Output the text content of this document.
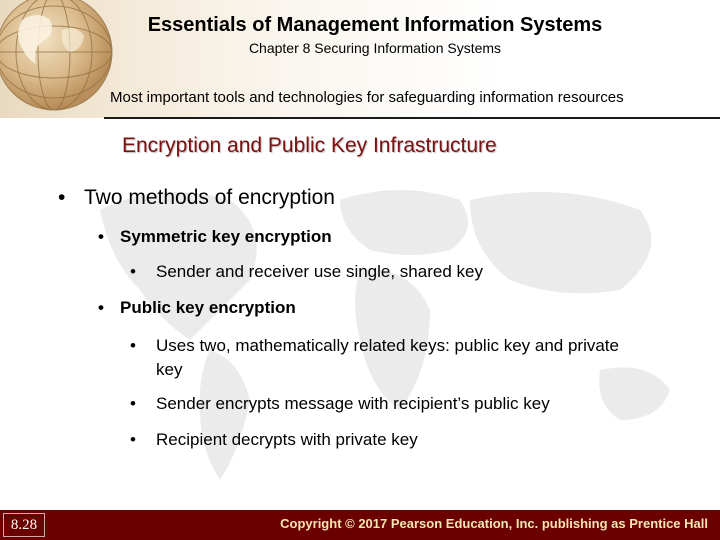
Essentials of Management Information Systems
Chapter 8 Securing Information Systems
Most important tools and technologies for safeguarding information resources
Encryption and Public Key Infrastructure
• Two methods of encryption
• Symmetric key encryption
• Sender and receiver use single, shared key
• Public key encryption
• Uses two, mathematically related keys: public key and private key
• Sender encrypts message with recipient’s public key
• Recipient decrypts with private key
8.28	Copyright © 2017 Pearson Education, Inc. publishing as Prentice Hall
